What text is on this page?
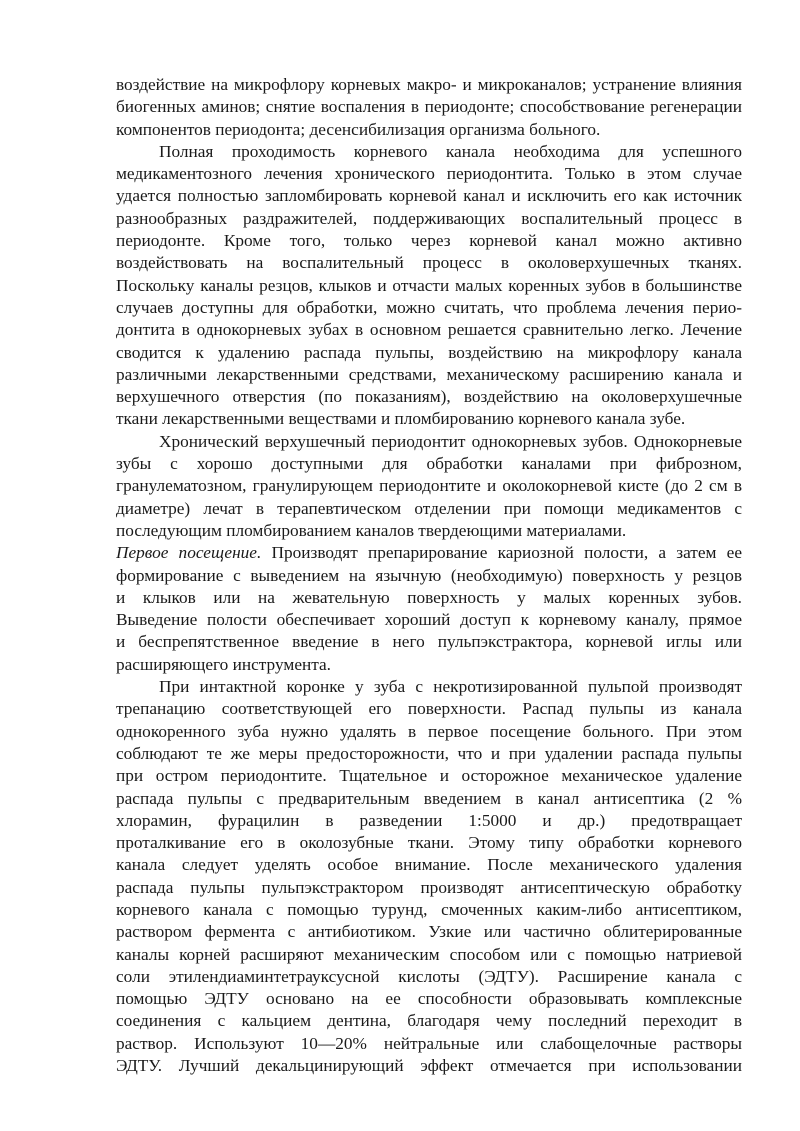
воздействие на микрофлору корневых макро- и микроканалов; устранение влияния
биогенных аминов; снятие воспаления в периодонте; способствование регенерации
компонентов периодонта; десенсибилизация организма больного.
Полная проходимость корневого канала необходима для успешного
медикаментозного лечения хронического периодонтита. Только в этом случае
удается полностью запломбировать корневой канал и исключить его как источник
разнообразных раздражителей, поддерживающих воспалительный процесс в
периодонте. Кроме того, только через корневой канал можно активно
воздействовать на воспалительный процесс в околоверхушечных тканях.
Поскольку каналы резцов, клыков и отчасти малых коренных зубов в большинстве
случаев доступны для обработки, можно считать, что проблема лечения перио-
донтита в однокорневых зубах в основном решается сравнительно легко. Лечение
сводится к удалению распада пульпы, воздействию на микрофлору канала
различными лекарственными средствами, механическому расширению канала и
верхушечного отверстия (по показаниям), воздействию на околоверхушечные
ткани лекарственными веществами и пломбированию корневого канала зубе.
Хронический верхушечный периодонтит однокорневых зубов. Однокорневые
зубы с хорошо доступными для обработки каналами при фиброзном,
гранулематозном, гранулирующем периодонтите и околокорневой кисте (до 2 см в
диаметре) лечат в терапевтическом отделении при помощи медикаментов с
последующим пломбированием каналов твердеющими материалами.
Первое посещение. Производят препарирование кариозной полости, а затем ее
формирование с выведением на язычную (необходимую) поверхность у резцов
и клыков или на жевательную поверхность у малых коренных зубов.
Выведение полости обеспечивает хороший доступ к корневому каналу, прямое
и беспрепятственное введение в него пульпэкстрактора, корневой иглы или
расширяющего инструмента.
При интактной коронке у зуба с некротизированной пульпой производят
трепанацию соответствующей его поверхности. Распад пульпы из канала
однокоренного зуба нужно удалять в первое посещение больного. При этом
соблюдают те же меры предосторожности, что и при удалении распада пульпы
при остром периодонтите. Тщательное и осторожное механическое удаление
распада пульпы с предварительным введением в канал антисептика (2 %
хлорамин, фурацилин в разведении 1:5000 и др.) предотвращает
проталкивание его в околозубные ткани. Этому типу обработки корневого
канала следует уделять особое внимание. После механического удаления
распада пульпы пульпэкстрактором производят антисептическую обработку
корневого канала с помощью турунд, смоченных каким-либо антисептиком,
раствором фермента с антибиотиком. Узкие или частично облитерированные
каналы корней расширяют механическим способом или с помощью натриевой
соли этилендиаминтетрауксусной кислоты (ЭДТУ). Расширение канала с
помощью ЭДТУ основано на ее способности образовывать комплексные
соединения с кальцием дентина, благодаря чему последний переходит в
раствор. Используют 10—20% нейтральные или слабощелочные растворы
ЭДТУ. Лучший декальцинирующий эффект отмечается при использовании
